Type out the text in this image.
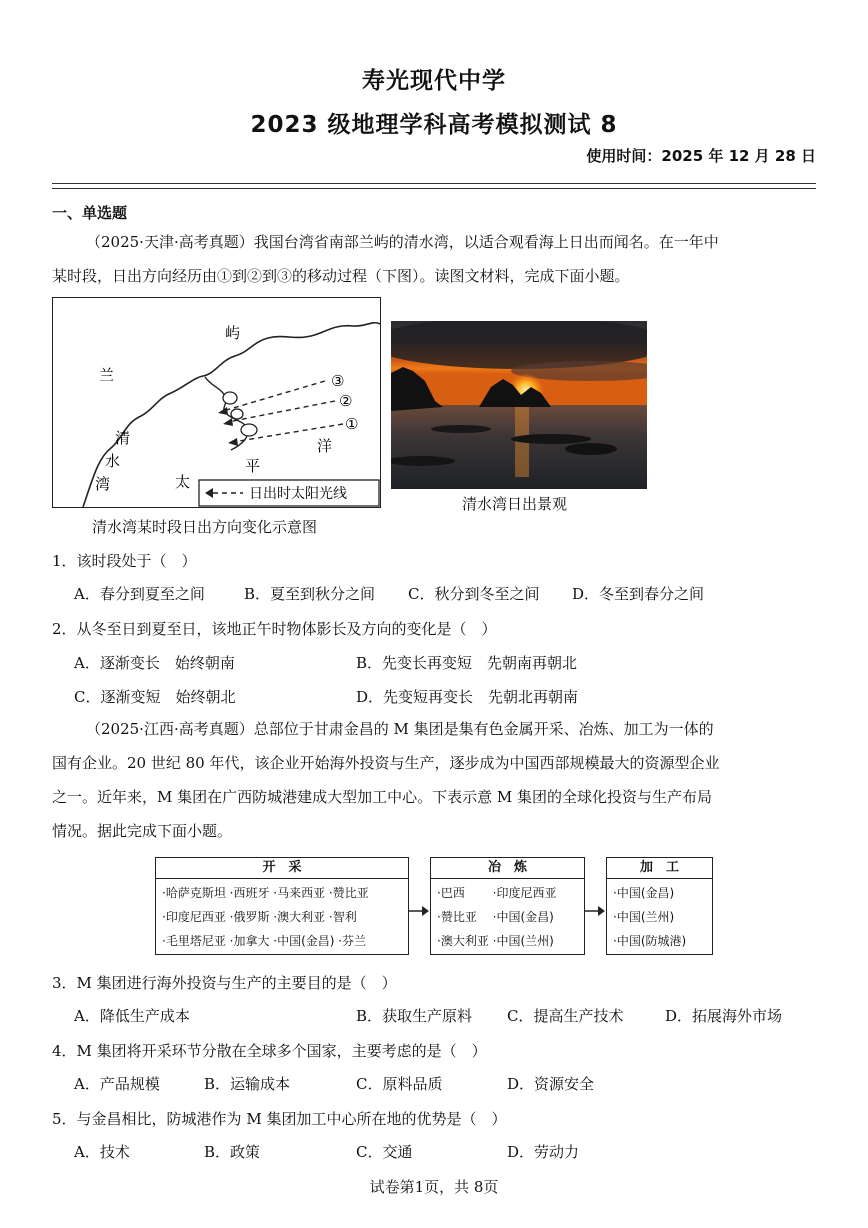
寿光现代中学
2023 级地理学科高考模拟测试 8
使用时间：2025 年 12 月 28 日
一、单选题
（2025·天津·高考真题）我国台湾省南部兰屿的清水湾，以适合观看海上日出而闻名。在一年中
某时段，日出方向经历由①到②到③的移动过程（下图）。读图文材料，完成下面小题。
③
②
①
屿
兰
清
水
湾	太
平
洋
日出时太阳光线
清水湾某时段日出方向变化示意图
清水湾日出景观
1．该时段处于（　）
A．春分到夏至之间	B．夏至到秋分之间 C．秋分到冬至之间 D．冬至到春分之间
2．从冬至日到夏至日，该地正午时物体影长及方向的变化是（　）
A．逐渐变长　始终朝南	B．先变长再变短　先朝南再朝北
C．逐渐变短　始终朝北	D．先变短再变长　先朝北再朝南
（2025·江西·高考真题）总部位于甘肃金昌的 M 集团是集有色金属开采、冶炼、加工为一体的
国有企业。20 世纪 80 年代，该企业开始海外投资与生产，逐步成为中国西部规模最大的资源型企业
之一。近年来，M 集团在广西防城港建成大型加工中心。下表示意 M 集团的全球化投资与生产布局
情况。据此完成下面小题。
开　采
·哈萨克斯坦 ·西班牙 ·马来西亚 ·赞比亚
·印度尼西亚 ·俄罗斯 ·澳大利亚 ·智利
·毛里塔尼亚 ·加拿大 ·中国(金昌) ·芬兰
冶　炼
·巴西　　 ·印度尼西亚
·赞比亚　 ·中国(金昌)
·澳大利亚 ·中国(兰州)
加　工
·中国(金昌)
·中国(兰州)
·中国(防城港)
3．M 集团进行海外投资与生产的主要目的是（　）
A．降低生产成本	B．获取生产原料 C．提高生产技术	D．拓展海外市场
4．M 集团将开采环节分散在全球多个国家，主要考虑的是（　）
A．产品规模	B．运输成本	C．原料品质	D．资源安全
5．与金昌相比，防城港作为 M 集团加工中心所在地的优势是（　）
A．技术	B．政策	C．交通	D．劳动力
试卷第1页，共 8页
